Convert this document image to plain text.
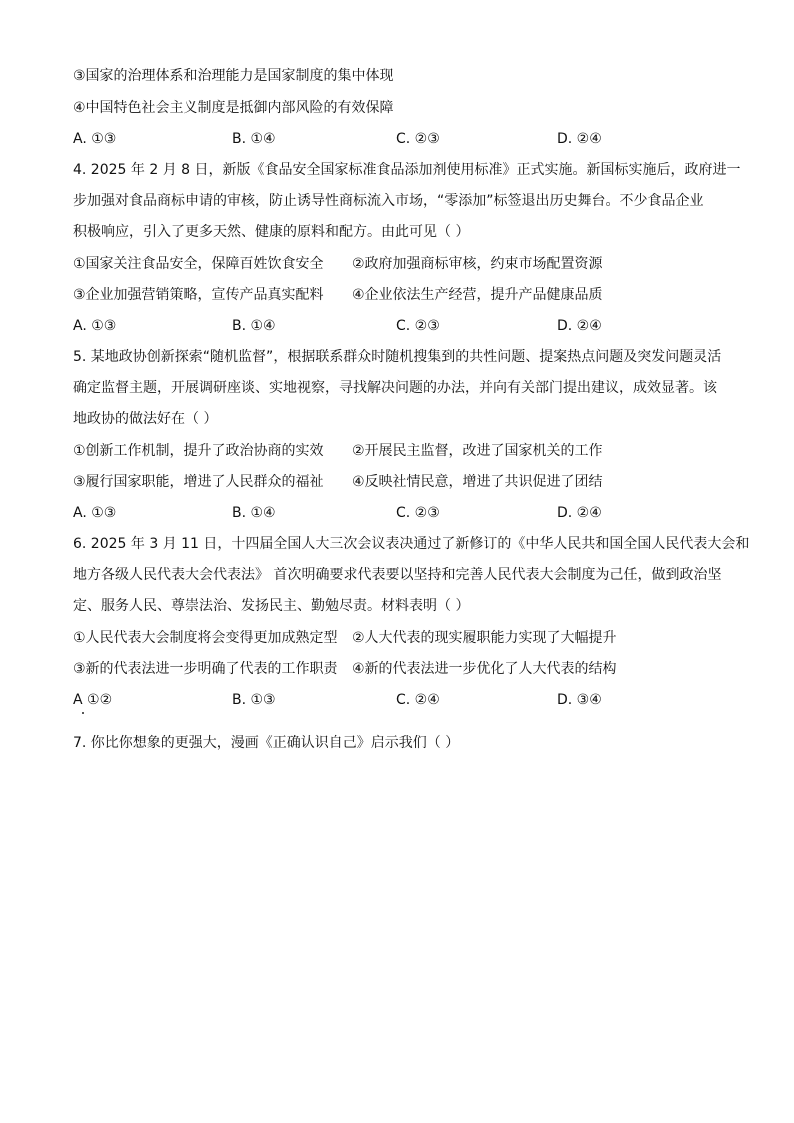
③国家的治理体系和治理能力是国家制度的集中体现
④中国特色社会主义制度是抵御内部风险的有效保障
A. ①③	B. ①④	C. ②③	D. ②④
4. 2025 年 2 月 8 日，新版《食品安全国家标准食品添加剂使用标准》正式实施。新国标实施后，政府进一
步加强对食品商标申请的审核，防止诱导性商标流入市场，“零添加”标签退出历史舞台。不少食品企业
积极响应，引入了更多天然、健康的原料和配方。由此可见（ ）
①国家关注食品安全，保障百姓饮食安全 ②政府加强商标审核，约束市场配置资源
③企业加强营销策略，宣传产品真实配料 ④企业依法生产经营，提升产品健康品质
A. ①③	B. ①④	C. ②③	D. ②④
5. 某地政协创新探索“随机监督”，根据联系群众时随机搜集到的共性问题、提案热点问题及突发问题灵活
确定监督主题，开展调研座谈、实地视察，寻找解决问题的办法，并向有关部门提出建议，成效显著。该
地政协的做法好在（ ）
①创新工作机制，提升了政治协商的实效 ②开展民主监督，改进了国家机关的工作
③履行国家职能，增进了人民群众的福祉 ④反映社情民意，增进了共识促进了团结
A. ①③	B. ①④	C. ②③	D. ②④
6. 2025 年 3 月 11 日，十四届全国人大三次会议表决通过了新修订的《中华人民共和国全国人民代表大会和
地方各级人民代表大会代表法》 首次明确要求代表要以坚持和完善人民代表大会制度为己任，做到政治坚
定、服务人民、尊崇法治、发扬民主、勤勉尽责。材料表明（ ）
①人民代表大会制度将会变得更加成熟定型 ②人大代表的现实履职能力实现了大幅提升
③新的代表法进一步明确了代表的工作职责 ④新的代表法进一步优化了人大代表的结构
A ①②	B. ①③	C. ②④	D. ③④
7. 你比你想象的更强大，漫画《正确认识自己》启示我们（ ）
